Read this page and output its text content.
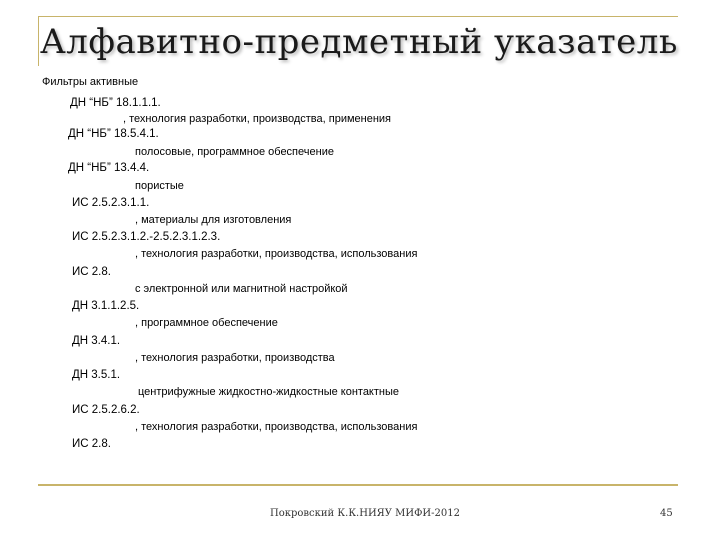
Алфавитно-предметный указатель
Фильтры активные
ДН “НБ” 18.1.1.1.
, технология разработки, производства, применения
ДН “НБ” 18.5.4.1.
полосовые, программное обеспечение
ДН “НБ” 13.4.4.
пористые
ИС 2.5.2.3.1.1.
, материалы для изготовления
ИС 2.5.2.3.1.2.-2.5.2.3.1.2.3.
, технология разработки, производства, использования
ИС 2.8.
с электронной или магнитной настройкой
ДН 3.1.1.2.5.
, программное обеспечение
ДН 3.4.1.
, технология разработки, производства
ДН 3.5.1.
центрифужные жидкостно-жидкостные контактные
ИС 2.5.2.6.2.
, технология разработки, производства, использования
ИС 2.8.
Покровский К.К.НИЯУ МИФИ-2012	45
